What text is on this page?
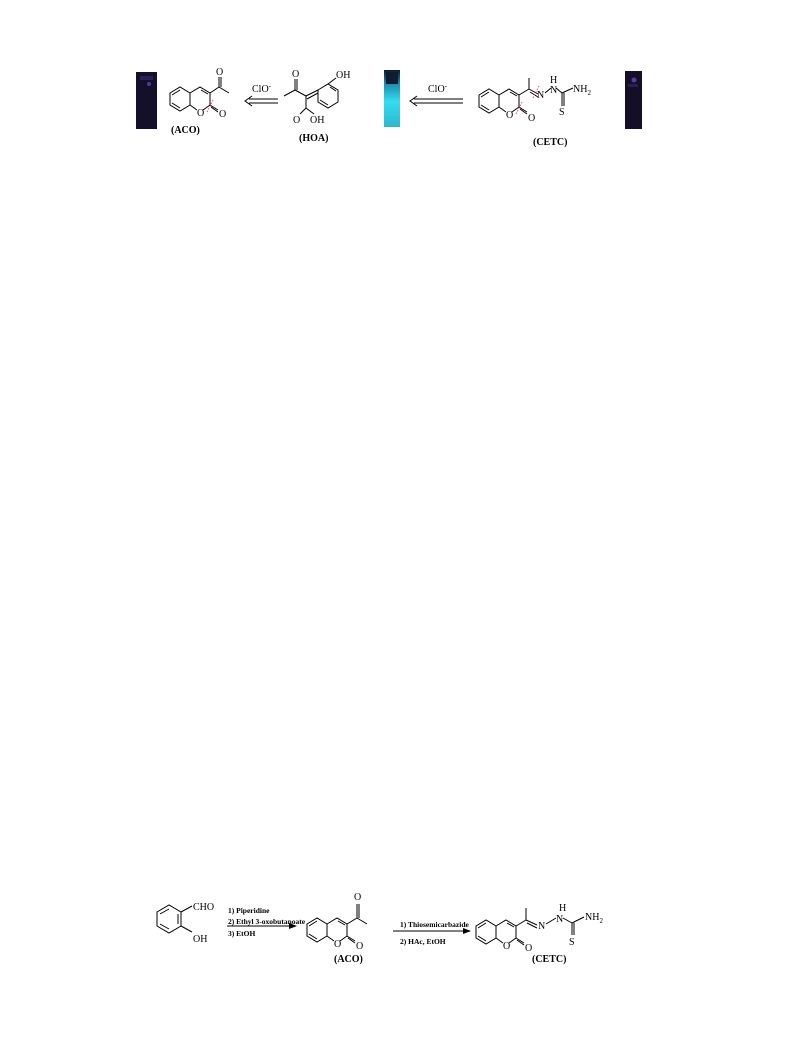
O O
O
(ACO)
ClO-
O	OH
O OH
(HOA)
ClO-
O O
N N
H
$NH_2$
S
(CETC)
CHO
OH
1) Piperidine
2) Ethyl 3-oxobutanoate
3) EtOH
O O
O
(ACO)
1) Thiosemicarbazide
2) HAc, EtOH	O O
N
N
H
$NH_2$
S
(CETC)
